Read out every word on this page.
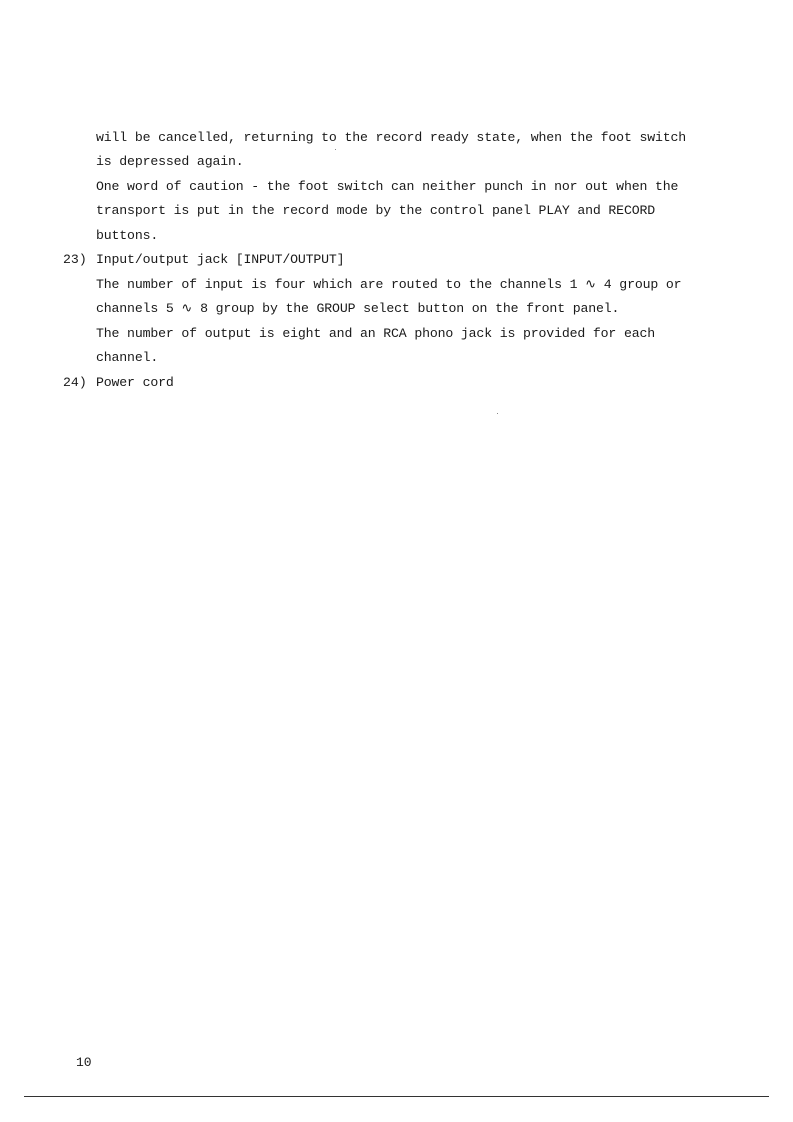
will be cancelled, returning to the record ready state, when the foot switch
is depressed again.
One word of caution - the foot switch can neither punch in nor out when the
transport is put in the record mode by the control panel PLAY and RECORD
buttons.
23) Input/output jack [INPUT/OUTPUT]
The number of input is four which are routed to the channels 1 ∿ 4 group or
channels 5 ∿ 8 group by the GROUP select button on the front panel.
The number of output is eight and an RCA phono jack is provided for each
channel.
24) Power cord
10
